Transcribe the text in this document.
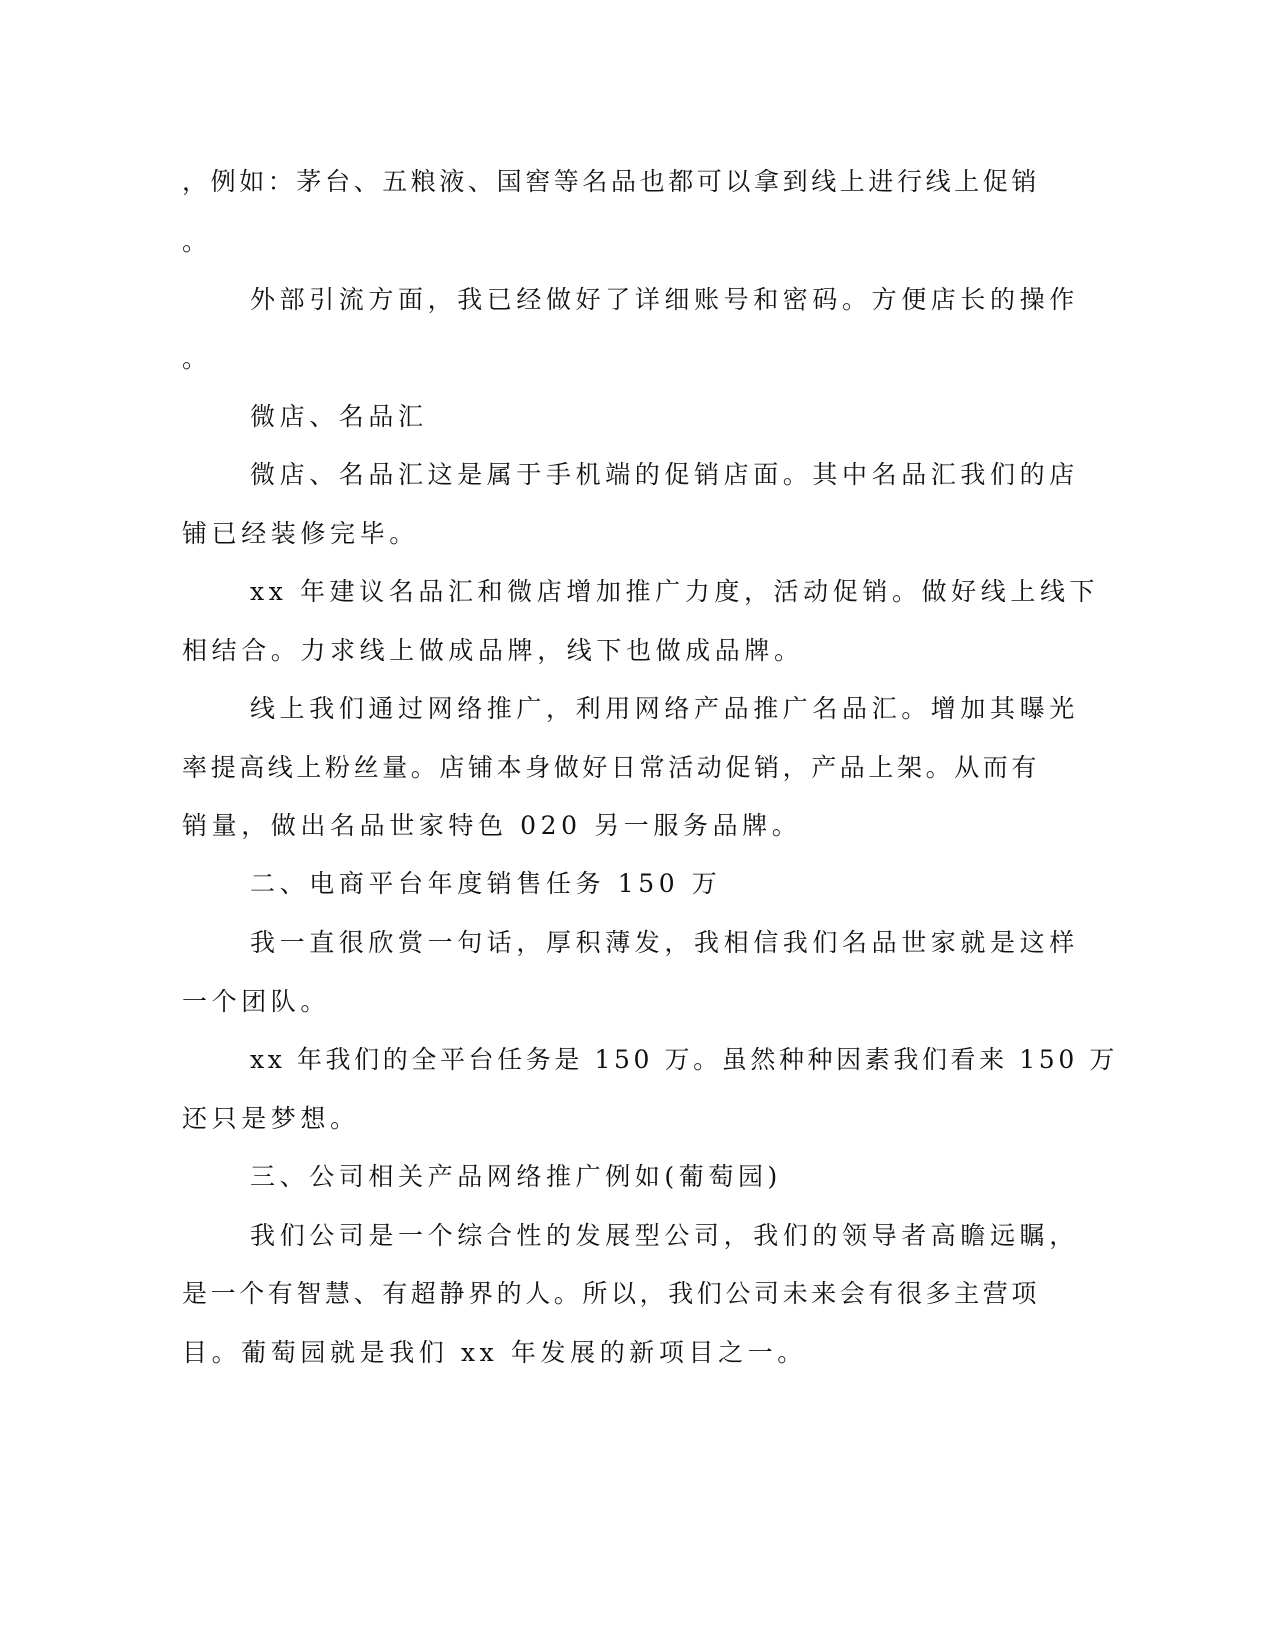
，例如：茅台、五粮液、国窖等名品也都可以拿到线上进行线上促销
。
外部引流方面，我已经做好了详细账号和密码。方便店长的操作
。
微店、名品汇
微店、名品汇这是属于手机端的促销店面。其中名品汇我们的店
铺已经装修完毕。
xx 年建议名品汇和微店增加推广力度，活动促销。做好线上线下
相结合。力求线上做成品牌，线下也做成品牌。
线上我们通过网络推广，利用网络产品推广名品汇。增加其曝光
率提高线上粉丝量。店铺本身做好日常活动促销，产品上架。从而有
销量，做出名品世家特色 020 另一服务品牌。
二、电商平台年度销售任务 150 万
我一直很欣赏一句话，厚积薄发，我相信我们名品世家就是这样
一个团队。
xx 年我们的全平台任务是 150 万。虽然种种因素我们看来 150 万
还只是梦想。
三、公司相关产品网络推广例如(葡萄园)
我们公司是一个综合性的发展型公司，我们的领导者高瞻远瞩，
是一个有智慧、有超静界的人。所以，我们公司未来会有很多主营项
目。葡萄园就是我们 xx 年发展的新项目之一。
